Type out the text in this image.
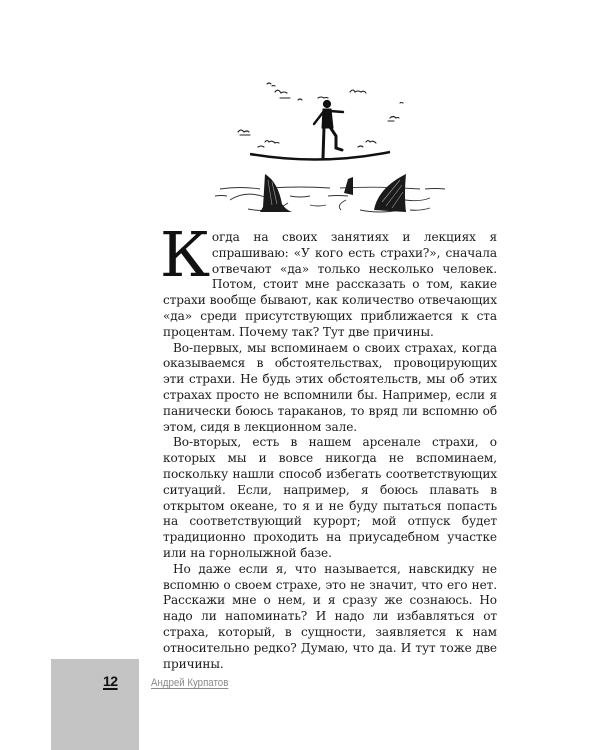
Когда на своих занятиях и лекциях я спрашиваю: «У кого есть страхи?», сначала отвечают «да» только несколько человек. Потом, стоит мне рассказать о том, какие страхи вообще бывают, как количество отвечающих «да» среди присутствующих приближается к ста процентам. Почему так? Тут две причины.

Во-первых, мы вспоминаем о своих страхах, когда оказываемся в обстоятельствах, провоцирующих эти страхи. Не будь этих обстоятельств, мы об этих страхах просто не вспомнили бы. Например, если я панически боюсь тараканов, то вряд ли вспомню об этом, сидя в лекционном зале.

Во-вторых, есть в нашем арсенале страхи, о которых мы и вовсе никогда не вспоминаем, поскольку нашли способ избегать соответствующих ситуаций. Если, например, я боюсь плавать в открытом океане, то я и не буду пытаться попасть на соответствующий курорт; мой отпуск будет традиционно проходить на приусадебном участке или на горнолыжной базе.

Но даже если я, что называется, навскидку не вспомню о своем страхе, это не значит, что его нет. Расскажи мне о нем, и я сразу же сознаюсь. Но надо ли напоминать? И надо ли избавляться от страха, который, в сущности, заявляется к нам относительно редко? Думаю, что да. И тут тоже две причины.

12	Андрей Курпатов
